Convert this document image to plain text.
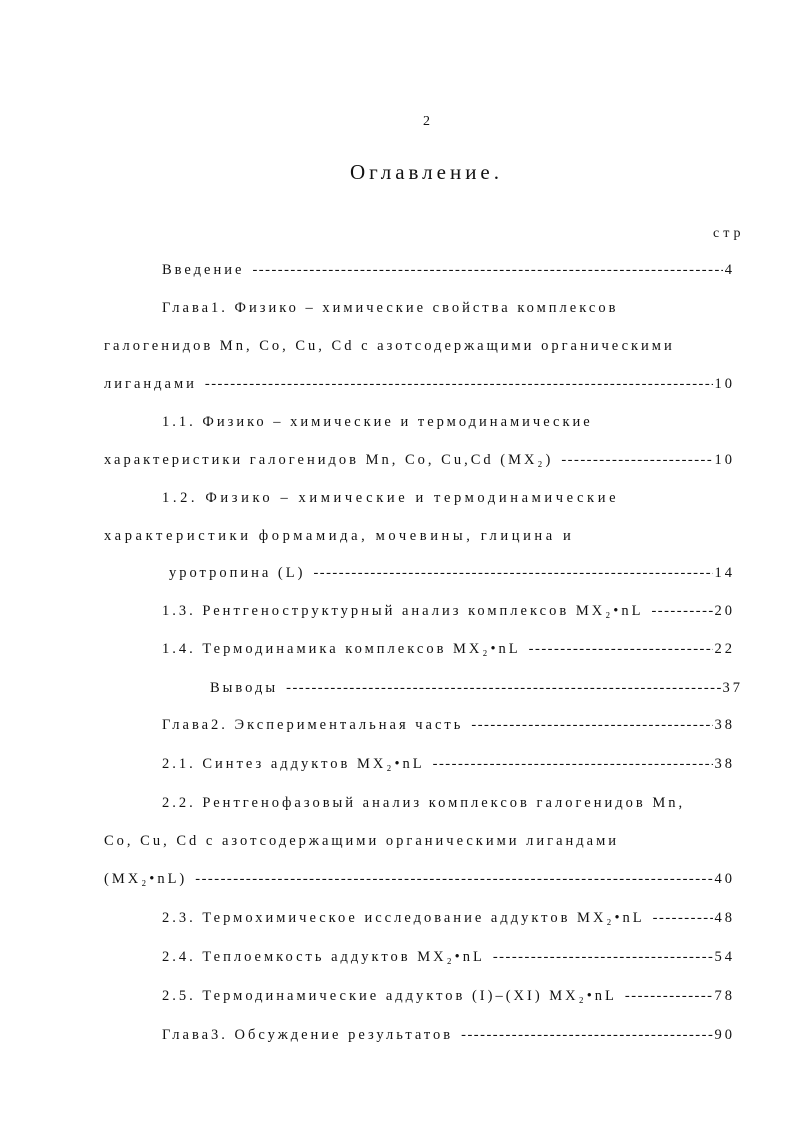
2
Оглавление.
стр
Введение -----	4
Глава1. Физико – химические свойства комплексов
галогенидов Mn, Co, Cu, Cd с азотсодержащими органическими
лигандами -----	10
1.1. Физико – химические и термодинамические
характеристики галогенидов Mn, Co, Cu,Cd (MX₂) -----	10
1.2. Физико – химические и термодинамические
характеристики формамида, мочевины, глицина и
уротропина (L) -----	14
1.3. Рентгеноструктурный анализ комплексов MX₂•nL -----	20
1.4. Термодинамика комплексов MX₂•nL -----	22
Выводы -----	37
Глава2. Экспериментальная часть -----	38
2.1. Синтез аддуктов MX₂•nL -----	38
2.2. Рентгенофазовый анализ комплексов галогенидов Mn,
Co, Cu, Cd с азотсодержащими органическими лигандами
(MX₂•nL) -----	40
2.3. Термохимическое исследование аддуктов MX₂•nL -----	48
2.4. Теплоемкость аддуктов MX₂•nL -----	54
2.5. Термодинамические аддуктов (I)–(XI) MX₂•nL -----	78
Глава3. Обсуждение результатов -----	90
